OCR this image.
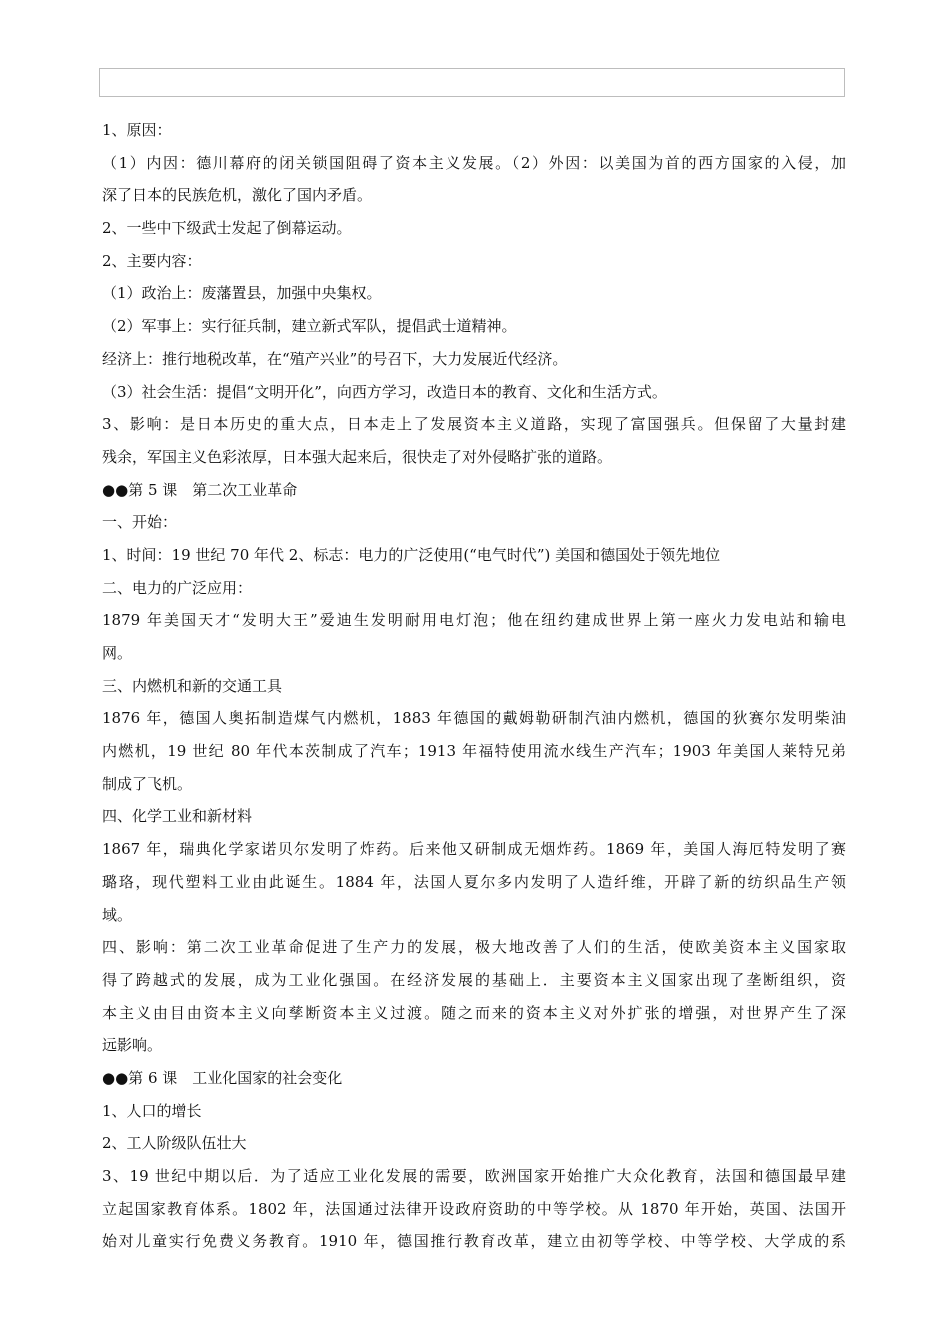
1、原因：
（1）内因：德川幕府的闭关锁国阻碍了资本主义发展。（2）外因：以美国为首的西方国家的入侵，加
深了日本的民族危机，激化了国内矛盾。
2、一些中下级武士发起了倒幕运动。
2、主要内容：
（1）政治上：废藩置县，加强中央集权。
（2）军事上：实行征兵制，建立新式军队，提倡武士道精神。
经济上：推行地税改革，在“殖产兴业”的号召下，大力发展近代经济。
（3）社会生活：提倡“文明开化”，向西方学习，改造日本的教育、文化和生活方式。
3、影响：是日本历史的重大点，日本走上了发展资本主义道路，实现了富国强兵。但保留了大量封建
残余，军国主义色彩浓厚，日本强大起来后，很快走了对外侵略扩张的道路。
●●第 5 课　第二次工业革命
一、开始：
1、时间：19 世纪 70 年代 2、标志：电力的广泛使用(“电气时代”) 美国和德国处于领先地位
二、电力的广泛应用：
1879 年美国天才“发明大王”爱迪生发明耐用电灯泡；他在纽约建成世界上第一座火力发电站和输电
网。
三、内燃机和新的交通工具
1876 年，德国人奥拓制造煤气内燃机，1883 年德国的戴姆勒研制汽油内燃机，德国的狄赛尔发明柴油
内燃机，19 世纪 80 年代本茨制成了汽车；1913 年福特使用流水线生产汽车；1903 年美国人莱特兄弟
制成了飞机。
四、化学工业和新材料
1867 年，瑞典化学家诺贝尔发明了炸药。后来他又研制成无烟炸药。1869 年，美国人海厄特发明了赛
璐珞，现代塑料工业由此诞生。1884 年，法国人夏尔多内发明了人造纤维，开辟了新的纺织品生产领
域。
四、影响：第二次工业革命促进了生产力的发展，极大地改善了人们的生活，使欧美资本主义国家取
得了跨越式的发展，成为工业化强国。在经济发展的基础上．主要资本主义国家出现了垄断组织，资
本主义由目由资本主义向孳断资本主义过渡。随之而来的资本主义对外扩张的增强，对世界产生了深
远影响。
●●第 6 课　工业化国家的社会变化
1、人口的增长
2、工人阶级队伍壮大
3、19 世纪中期以后．为了适应工业化发展的需要，欧洲国家开始推广大众化教育，法国和德国最早建
立起国家教育体系。1802 年，法国通过法律开设政府资助的中等学校。从 1870 年开始，英国、法国开
始对儿童实行免费义务教育。1910 年，德国推行教育改革，建立由初等学校、中等学校、大学成的系
